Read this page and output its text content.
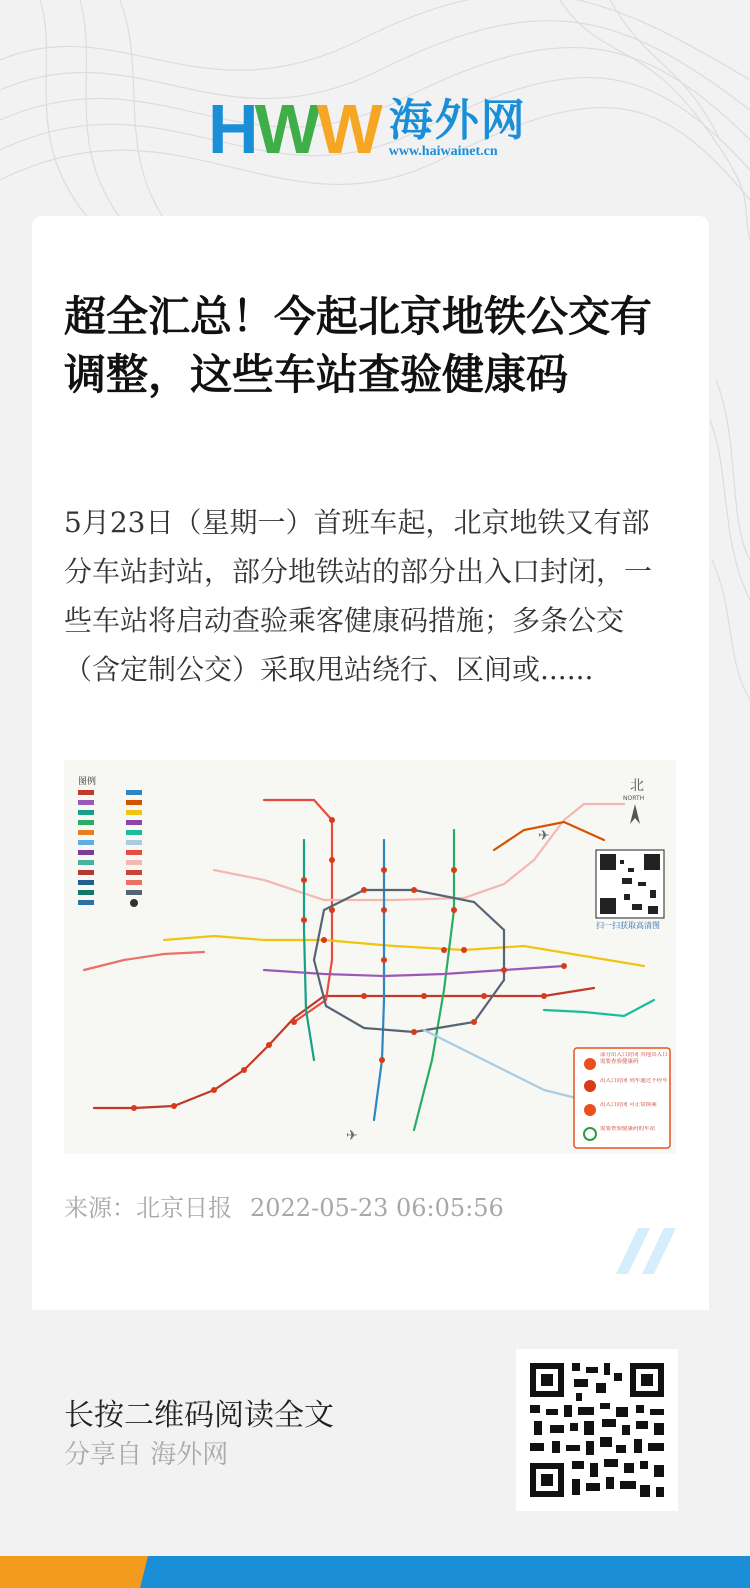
HWW 海外网
www.haiwainet.cn
超全汇总！今起北京地铁公交有调整，这些车站查验健康码

5月23日（星期一）首班车起，北京地铁又有部分车站封站，部分地铁站的部分出入口封闭，一些车站将启动查验乘客健康码措施；多条公交（含定制公交）采取甩站绕行、区间或......

图例	北
NORTH
扫一扫获取高清图
部分出入口封闭 其他出入口需要查验健康码
出入口封闭 列车通过不停车
出入口封闭 可正常换乘
需要查验健康码的车站
✈
✈
来源：北京日报 2022-05-23 06:05:56
长按二维码阅读全文
分享自 海外网
